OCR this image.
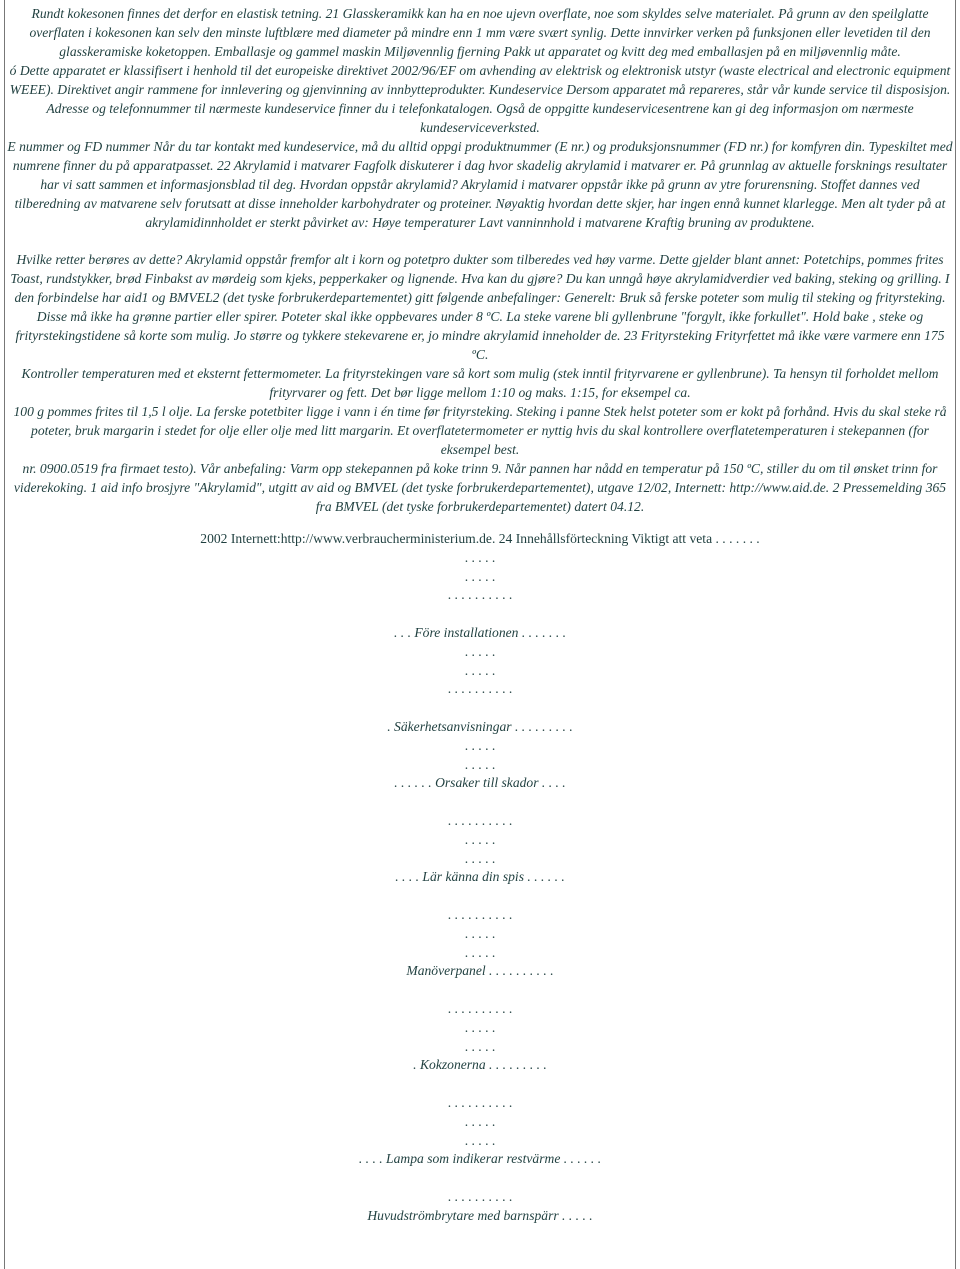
Rundt kokesonen finnes det derfor en elastisk tetning. 21 Glasskeramikk kan ha en noe ujevn overflate, noe som skyldes selve materialet. På grunn av den speilglatte overflaten i kokesonen kan selv den minste luftblære med diameter på mindre enn 1 mm være svært synlig. Dette innvirker verken på funksjonen eller levetiden til den glasskeramiske koketoppen. Emballasje og gammel maskin Miljøvennlig fjerning Pakk ut apparatet og kvitt deg med emballasjen på en miljøvennlig måte.

ó Dette apparatet er klassifisert i henhold til det europeiske direktivet 2002/96/EF om avhending av elektrisk og elektronisk utstyr (waste electrical and electronic equipment WEEE). Direktivet angir rammene for innlevering og gjenvinning av innbytteprodukter. Kundeservice Dersom apparatet må repareres, står vår kunde service til disposisjon. Adresse og telefonnummer til nærmeste kundeservice finner du i telefonkatalogen. Også de oppgitte kundeservicesentrene kan gi deg informasjon om nærmeste kundeserviceverksted.

E nummer og FD nummer Når du tar kontakt med kundeservice, må du alltid oppgi produktnummer (E nr.) og produksjonsnummer (FD nr.) for komfyren din. Typeskiltet med numrene finner du på apparatpasset. 22 Akrylamid i matvarer Fagfolk diskuterer i dag hvor skadelig akrylamid i matvarer er. På grunnlag av aktuelle forsknings resultater har vi satt sammen et informasjonsblad til deg. Hvordan oppstår akrylamid? Akrylamid i matvarer oppstår ikke på grunn av ytre forurensning. Stoffet dannes ved tilberedning av matvarene selv forutsatt at disse inneholder karbohydrater og proteiner. Nøyaktig hvordan dette skjer, har ingen ennå kunnet klarlegge. Men alt tyder på at akrylamidinnholdet er sterkt påvirket av: Høye temperaturer Lavt vanninnhold i matvarene Kraftig bruning av produktene.

Hvilke retter berøres av dette? Akrylamid oppstår fremfor alt i korn og potetpro dukter som tilberedes ved høy varme. Dette gjelder blant annet: Potetchips, pommes frites Toast, rundstykker, brød Finbakst av mørdeig som kjeks, pepperkaker og lignende. Hva kan du gjøre? Du kan unngå høye akrylamidverdier ved baking, steking og grilling. I den forbindelse har aid1 og BMVEL2 (det tyske forbrukerdepartementet) gitt følgende anbefalinger: Generelt: Bruk så ferske poteter som mulig til steking og frityrsteking. Disse må ikke ha grønne partier eller spirer. Poteter skal ikke oppbevares under 8 ºC. La steke varene bli gyllenbrune "forgylt, ikke forkullet". Hold bake , steke og frityrstekingstidene så korte som mulig. Jo større og tykkere stekevarene er, jo mindre akrylamid inneholder de. 23 Frityrsteking Frityrfettet må ikke være varmere enn 175 ºC.

Kontroller temperaturen med et eksternt fettermometer. La frityrstekingen vare så kort som mulig (stek inntil frityrvarene er gyllenbrune). Ta hensyn til forholdet mellom frityrvarer og fett. Det bør ligge mellom 1:10 og maks. 1:15, for eksempel ca.

100 g pommes frites til 1,5 l olje. La ferske potetbiter ligge i vann i én time før frityrsteking. Steking i panne Stek helst poteter som er kokt på forhånd. Hvis du skal steke rå poteter, bruk margarin i stedet for olje eller olje med litt margarin. Et overflatetermometer er nyttig hvis du skal kontrollere overflatetemperaturen i stekepannen (for eksempel best.

nr. 0900.0519 fra firmaet testo). Vår anbefaling: Varm opp stekepannen på koke trinn 9. Når pannen har nådd en temperatur på 150 ºC, stiller du om til ønsket trinn for viderekoking. 1 aid info brosjyre "Akrylamid", utgitt av aid og BMVEL (det tyske forbrukerdepartementet), utgave 12/02, Internett: http://www.aid.de. 2 Pressemelding 365 fra BMVEL (det tyske forbrukerdepartementet) datert 04.12.

2002 Internett:http://www.verbraucherministerium.de. 24 Innehållsförteckning Viktigt att veta . . . . . . .

. . . . .

. . . . .

. . . . . . . . . .

. . . Före installationen . . . . . . .

. . . . .

. . . . .

. . . . . . . . . .

. Säkerhetsanvisningar . . . . . . . . .

. . . . .

. . . . .

. . . . . . Orsaker till skador . . . .

. . . . . . . . . .

. . . . .

. . . . .

. . . . Lär känna din spis . . . . . .

. . . . . . . . . .

. . . . .

. . . . .

Manöverpanel . . . . . . . . . .

. . . . . . . . . .

. . . . .

. . . . .

. Kokzonerna . . . . . . . . .

. . . . . . . . . .

. . . . .

. . . . .

. . . . Lampa som indikerar restvärme . . . . . .

. . . . . . . . . .

Huvudströmbrytare med barnspärr . . . . .
